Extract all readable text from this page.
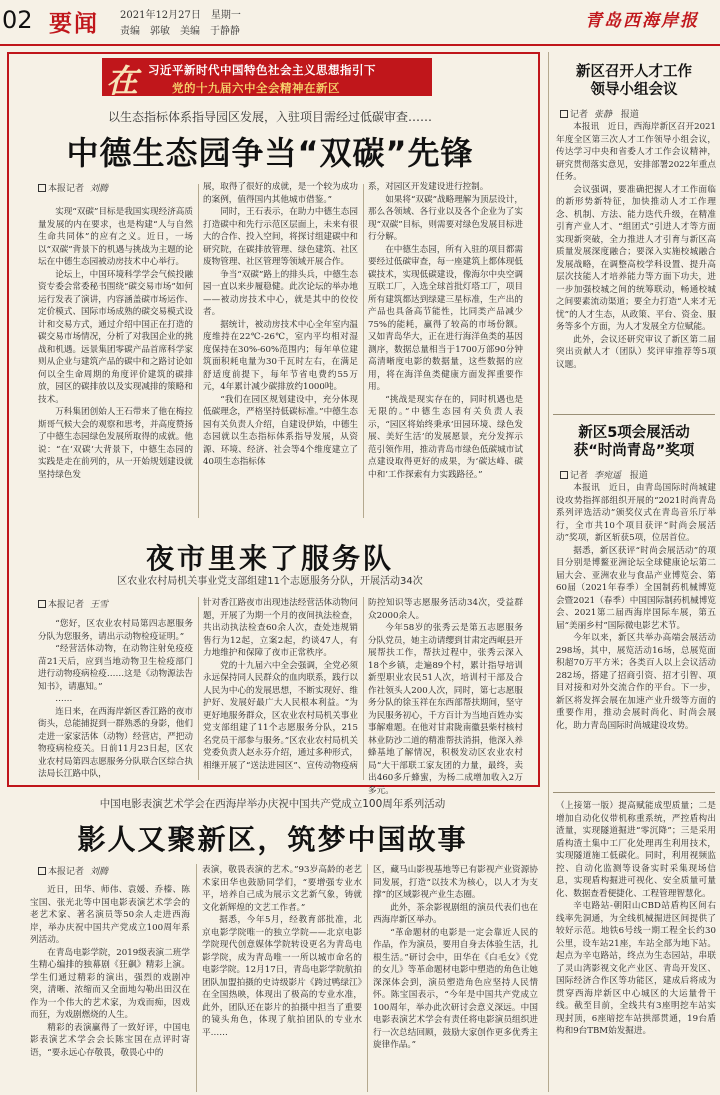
02 要闻 2021年12月27日 星期一
责编 郭敏 美编 于静静
青岛西海岸报
在 习近平新时代中国特色社会主义思想指引下
党的十九届六中全会精神在新区
以生态指标体系指导园区发展，入驻项目需经过低碳审查……
中德生态园争当“双碳”先锋
本报记者 刘腾

实现“双碳”目标是我国实现经济高质量发展的内在要求，也是构建“人与自然生命共同体”的应有之义。近日，一场以“双碳”背景下的机遇与挑战为主题的论坛在中德生态园被动房技术中心举行。

论坛上，中国环境科学学会气候投融资专委会常委秘书围绕“碳交易市场”如何运行发表了演讲，内容涵盖碳市场运作、定价模式、国际市场成熟的碳交易模式设计和交易方式，通过介绍中国正在打造的碳交易市场情况，分析了对我国企业的挑战和机遇。远景集团零碳产品首席科学家则从企业与建筑产品的碳中和之路讨论如何以全生命周期的角度评价建筑的碳排放，园区的碳排放以及实现减排的策略和技术。

万科集团创始人王石带来了他在梅拉斯哥气候大会的观察和思考，并高度赞扬了中德生态园绿色发展所取得的成就。他说：“在‘双碳’大背景下，中德生态园的实践是走在前列的，从一开始规划建设就坚持绿色发

展，取得了很好的成就，是一个较为成功的案例，值得国内其他城市借鉴。”

同时，王石表示，在助力中德生态园打造碳中和先行示范区层面上，未来有很大的合作、投入空间，将探讨组建碳中和研究院，在碳排放管理、绿色建筑、社区废物管理、社区管理等领域开展合作。

争当“双碳”路上的排头兵，中德生态园一直以来步履稳健。此次论坛的举办地——被动房技术中心，就是其中的佼佼者。

据统计，被动房技术中心全年室内温度维持在22℃-26℃，室内平均相对湿度保持在30%-60%范围内；每年单位建筑面积耗电量为30千瓦时左右，在满足舒适度前提下，每年节省电费约55万元，4年累计减少碳排放约1000吨。

“我们在园区规划建设中，充分体现低碳理念，严格坚持低碳标准。”中德生态园有关负责人介绍，自建设伊始，中德生态园就以生态指标体系指导发展，从资源、环境、经济、社会等4个维度建立了40项生态指标体

系，对园区开发建设进行控制。

如果将“双碳”战略理解为顶层设计，那么各领域、各行业以及各个企业为了实现“双碳”目标，则需要对绿色发展目标进行分解。

在中德生态园，所有入驻的项目都需要经过低碳审查，每一座建筑上都体现低碳技术，实现低碳建设，像海尔中央空调互联工厂，入选全球首批灯塔工厂，项目所有建筑都达到绿建三星标准，生产出的产品也具备高节能性，比同类产品减少75%的能耗，赢得了较高的市场份额。又如青岛华大，正在进行海洋鱼类的基因测序，数据总量相当于1700万部90分钟高清晰度电影的数据量，这些数据的应用，将在海洋鱼类健康方面发挥重要作用。

“挑战是现实存在的，同时机遇也是无限的。”中德生态园有关负责人表示，“园区将始终秉承‘田园环境、绿色发展、美好生活’的发展愿景，充分发挥示范引领作用，推动青岛市绿色低碳城市试点建设取得更好的成果，为‘碳达峰、碳中和’工作探索有力实践路径。”

夜市里来了服务队
区农业农村局机关事业党支部组建11个志愿服务分队，开展活动34次
本报记者 王雪

“您好，区农业农村局第四志愿服务分队为您服务，请出示动物检疫证明。”

“经营活体动物，在动物注射免疫疫苗21天后，应到当地动物卫生检疫部门进行动物疫病检疫……这是《动物源法告知书》，请惠知。”

……

连日来，在西海岸新区香江路的夜市街头，总能捕捉到一群熟悉的身影，他们走进一家家活体（动物）经营店，严把动物疫病检疫关。日前11月23日起，区农业农村局第四志愿服务分队联合区综合执法局长江路中队，

针对香江路夜市出现违法经营活体动物问题，开展了为期一个月的夜间执法检查，共出动执法检查60余人次，查处违规销售行为12起，立案2起，约谈47人，有力地维护和保障了夜市正常秩序。

党的十九届六中全会强调，全党必须永远保持同人民群众的血肉联系，践行以人民为中心的发展思想，不断实现好、维护好、发展好最广大人民根本利益。“为更好地服务群众，区农业农村局机关事业党支部组建了11个志愿服务分队，215名党员干部参与服务。”区农业农村局机关党委负责人赵永芬介绍，通过多种形式，相继开展了“送法进园区”、宣传动物疫病

防控知识等志愿服务活动34次，受益群众2000余人。

今年58岁的张秀云是第五志愿服务分队党员，她主动请缨到甘肃定西岷县开展帮扶工作，帮扶过程中，张秀云深入18个乡镇，走遍89个村，累计指导培训新型职业农民51人次，培训村干部及合作社领头人200人次，同时，第七志愿服务分队的徐玉祥在东西部帮扶期间，坚守为民服务初心，千方百计为当地百姓办实事解难题。在他对甘肃陇南徽县柴村核村林业防沙二道的精准帮扶消捐，他深入养蜂基地了解情况，积极发动区农业农村局“大干部联工家友团的力量，最终，卖出460多斤蜂蜜，为杨二成增加收入2万多元。

中国电影表演艺术学会在西海岸举办庆祝中国共产党成立100周年系列活动
影人又聚新区，筑梦中国故事
本报记者 刘腾

近日，田华、师伟、袁媛、乔榛、陈宝国、张光北等中国电影表演艺术学会的老艺术家、著名演员等50余人走进西海岸，举办庆祝中国共产党成立100周年系列活动。

在青岛电影学院，2019级表演二班学生精心编排的独幕剧《狂飙》精彩上演。学生们通过精彩的演出，强烈的戏剧冲突，清晰、浓缩而又全面地勾勒出田汉在作为一个伟大的艺术家，为戏而痴，因戏而狂，为戏剧燃烧的人生。

精彩的表演赢得了一致好评，中国电影表演艺术学会会长陈宝国在点评时寄语，“要永远心存敬畏，敬畏心中的

表演，敬畏表演的艺术。”93岁高龄的老艺术家田华也鼓励同学们，“要增强专业水平，培养自己成为展示文艺新气象，铸就文化新辉煌的文艺工作者。”

据悉，今年5月，经教育部批准，北京电影学院唯一的独立学院——北京电影学院现代创意媒体学院转设更名为青岛电影学院，成为青岛唯一一所以城市命名的电影学院。12月17日，青岛电影学院航拍团队加盟拍摄的史诗级影片《跨过鸭绿江》在全国热映，体现出了极高的专业水准，此外，团队还在影片的拍摄中担当了重要的镜头角色，体现了航拍团队的专业水平……

区，藏马山影视基地等已有影视产业资源协同发展，打造“以技术为核心，以人才为支撑”的区域影视产业生态圈。

此外，茶余影视剧组的演员代表们也在西海岸新区举办。

“革命题材的电影是一定会靠近人民的作品，作为演员，要用自身去体验生活，扎根生活。”研讨会中，田华在《白毛女》《党的女儿》等革命题材电影中塑造的角色让她深深体会到，演员塑造角色应坚持人民情怀。陈宝国表示，“今年是中国共产党成立100周年，举办此次研讨会意义深远。中国电影表演艺术学会有责任将电影演员组织进行一次总结回顾，鼓励大家创作更多优秀主旋律作品。”

新区召开人才工作
领导小组会议
记者 张静 报道

本报讯　近日，西海岸新区召开2021年度全区第三次人才工作领导小组会议，传达学习中央和省委人才工作会议精神，研究贯彻落实意见，安排部署2022年重点任务。

会议强调，要准确把握人才工作面临的新形势新特征，加快推动人才工作理念、机制、方法、能力迭代升级，在精准引育产业人才、“组团式”引进人才等方面实现新突破，全力推进人才引育与新区高质量发展深度融合；要深入实施校城融合发展战略，在调整高校学科设置、提升高层次技能人才培养能力等方面下功夫，进一步加强校城之间的统筹联动，畅通校城之间要素流动渠道；要全力打造“人来才无忧”的人才生态，从政策、平台、资金、服务等多个方面，为人才发展全方位赋能。

此外，会议还研究审议了新区第二届突出贡献人才（团队）奖评审推荐等5项议题。

新区5项会展活动
获“时尚青岛”奖项
记者 李宛遥 报道

本报讯　近日，由青岛国际时尚城建设攻势指挥部组织开展的“2021时尚青岛系列评选活动”颁奖仪式在青岛音乐厅举行，全市共10个项目获评“时尚会展活动”奖项，新区斩获5项，位居首位。

据悉，新区获评“时尚会展活动”的项目分别是博鳌亚洲论坛全球健康论坛第二届大会、亚洲农业与食品产业博览会、第60届（2021年春季）全国制药机械博览会暨2021（春季）中国国际制药机械博览会、2021第二届西海岸国际车展，第五届“美丽乡村”国际微电影艺术节。

今年以来，新区共举办高端会展活动298场，其中，展览活动16场，总展览面积超70万平方米；各类百人以上会议活动282场，搭建了招商引资、招才引智、项目对接和对外交流合作的平台。下一步，新区将发挥会展在加速产业升级等方面的重要作用，推动会展时尚化、时尚会展化，助力青岛国际时尚城建设攻势。

（上接第一版）提高赋能成型质量；二是增加自动化仪带机称重系统，严控盾构出渣量，实现隧道掘进“零沉降”；三是采用盾构渣土集中工厂化处理再生利用技术，实现隧道施工低碳化。同时，利用视频监控、自动化监测等设备实时采集现场信息，实现盾构掘进可视化、安全质量可量化、数据查看便捷化、工程管理智慧化。

辛屯路站-朝阳山CBD站盾构区间右线率先洞通，为全线机械掘进区间提供了较好示范。地铁6号线一期工程全长约30公里，设车站21座，车站全部为地下站。起点为辛屯路站，终点为生态园站，串联了灵山湾影视文化产业区、青岛开发区、国际经济合作区等功能区，建成后将成为贯穿西海岸新区中心城区的大运量骨干线。截至目前，全线共有3座明挖车站实现封顶，6座暗挖车站拱部贯通，19台盾构和9台TBM始发掘进。
